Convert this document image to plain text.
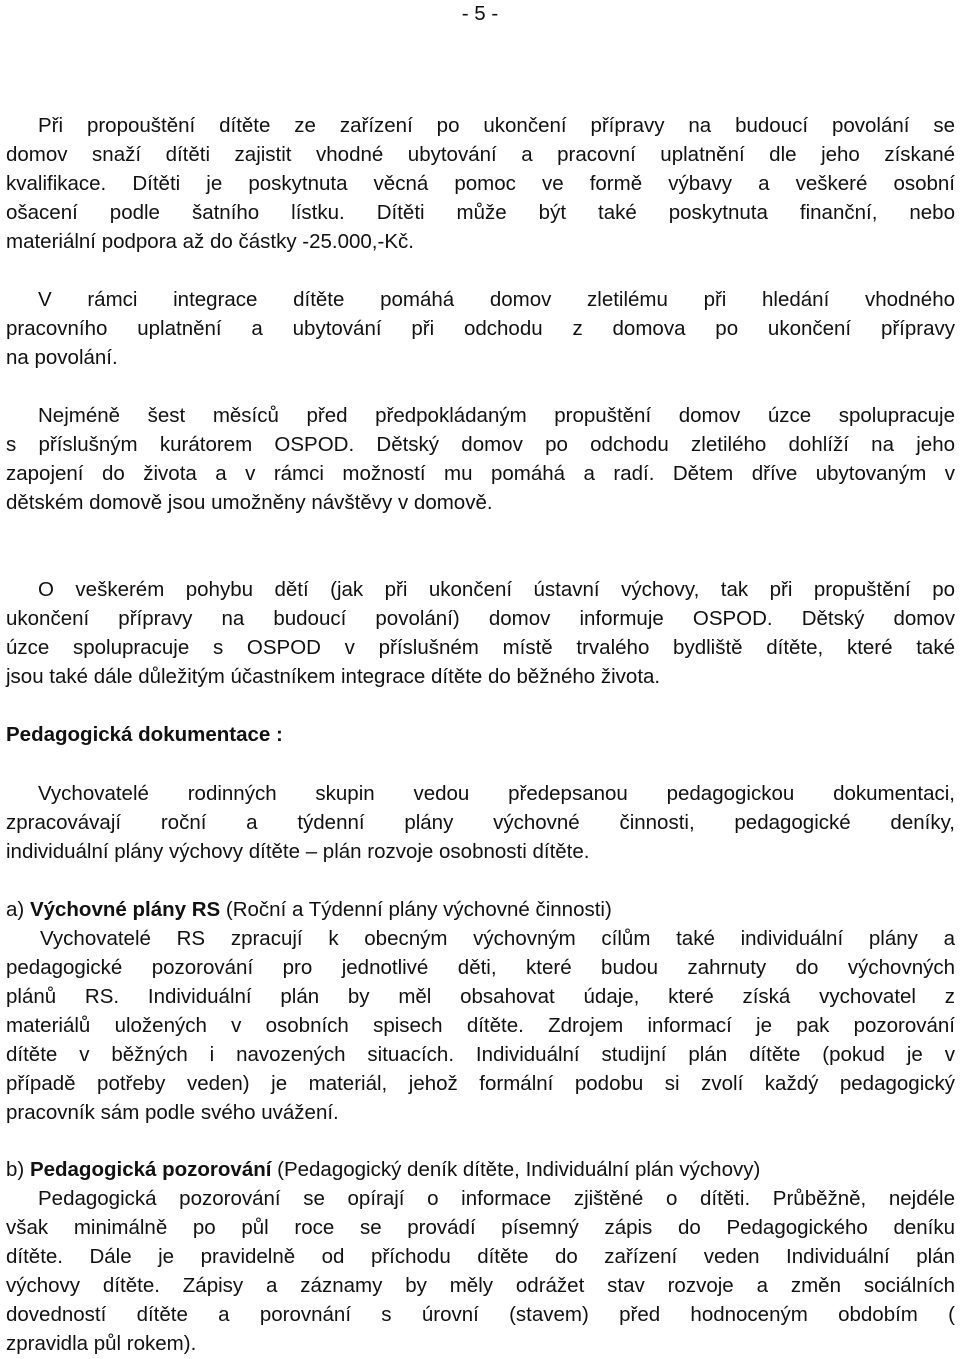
- 5 -
Při propouštění dítěte ze zařízení po ukončení přípravy na budoucí povolání se
domov snaží dítěti zajistit vhodné ubytování a pracovní uplatnění dle jeho získané
kvalifikace. Dítěti je poskytnuta věcná pomoc ve formě výbavy a veškeré osobní
ošacení podle šatního lístku. Dítěti může být také poskytnuta finanční, nebo
materiální podpora až do částky -25.000,-Kč.
V rámci integrace dítěte pomáhá domov zletilému při hledání vhodného
pracovního uplatnění a ubytování při odchodu z domova po ukončení přípravy
na povolání.
Nejméně šest měsíců před předpokládaným propuštění domov úzce spolupracuje
s příslušným kurátorem OSPOD. Dětský domov po odchodu zletilého dohlíží na jeho
zapojení do života a v rámci možností mu pomáhá a radí. Dětem dříve ubytovaným v
dětském domově jsou umožněny návštěvy v domově.
O veškerém pohybu dětí (jak při ukončení ústavní výchovy, tak při propuštění po
ukončení přípravy na budoucí povolání) domov informuje OSPOD. Dětský domov
úzce spolupracuje s OSPOD v příslušném místě trvalého bydliště dítěte, které také
jsou také dále důležitým účastníkem integrace dítěte do běžného života.
Pedagogická dokumentace :
Vychovatelé rodinných skupin vedou předepsanou pedagogickou dokumentaci,
zpracovávají roční a týdenní plány výchovné činnosti, pedagogické deníky,
individuální plány výchovy dítěte – plán rozvoje osobnosti dítěte.
a) Výchovné plány RS (Roční a Týdenní plány výchovné činnosti)
Vychovatelé RS zpracují k obecným výchovným cílům také individuální plány a
pedagogické pozorování pro jednotlivé děti, které budou zahrnuty do výchovných
plánů RS. Individuální plán by měl obsahovat údaje, které získá vychovatel z
materiálů uložených v osobních spisech dítěte. Zdrojem informací je pak pozorování
dítěte v běžných i navozených situacích. Individuální studijní plán dítěte (pokud je v
případě potřeby veden) je materiál, jehož formální podobu si zvolí každý pedagogický
pracovník sám podle svého uvážení.
b) Pedagogická pozorování (Pedagogický deník dítěte, Individuální plán výchovy)
Pedagogická pozorování se opírají o informace zjištěné o dítěti. Průběžně, nejdéle
však minimálně po půl roce se provádí písemný zápis do Pedagogického deníku
dítěte. Dále je pravidelně od příchodu dítěte do zařízení veden Individuální plán
výchovy dítěte. Zápisy a záznamy by měly odrážet stav rozvoje a změn sociálních
dovedností dítěte a porovnání s úrovní (stavem) před hodnoceným obdobím (
zpravidla půl rokem).
